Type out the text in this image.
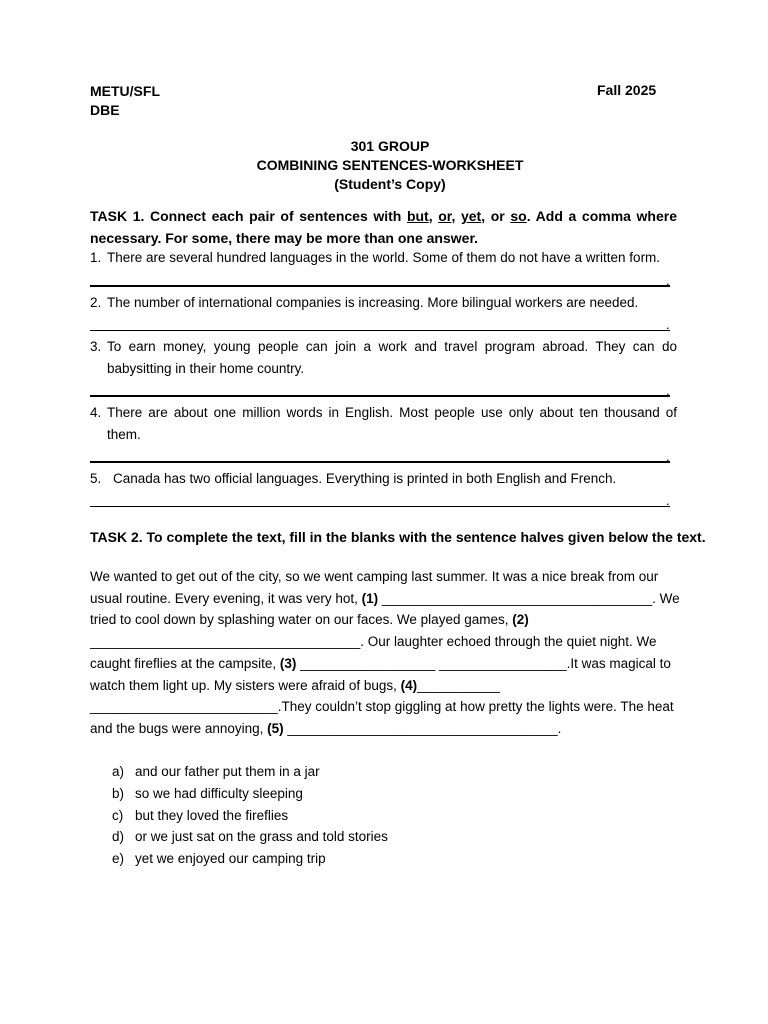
METU/SFL
DBE
Fall 2025
301 GROUP
COMBINING SENTENCES-WORKSHEET
(Student’s Copy)
TASK 1. Connect each pair of sentences with but, or, yet, or so. Add a comma where necessary. For some, there may be more than one answer.
1. There are several hundred languages in the world. Some of them do not have a written form.
.
2. The number of international companies is increasing. More bilingual workers are needed.
.
3. To earn money, young people can join a work and travel program abroad. They can do babysitting in their home country.
.
4. There are about one million words in English. Most people use only about ten thousand of them.
.
5. Canada has two official languages. Everything is printed in both English and French.
.
TASK 2. To complete the text, fill in the blanks with the sentence halves given below the text.
We wanted to get out of the city, so we went camping last summer. It was a nice break from our usual routine. Every evening, it was very hot, (1) ____________________________________. We tried to cool down by splashing water on our faces. We played games, (2) ____________________________________. Our laughter echoed through the quiet night. We caught fireflies at the campsite, (3) __________________ _________________.It was magical to watch them light up. My sisters were afraid of bugs, (4)___________ _________________________.They couldn’t stop giggling at how pretty the lights were. The heat and the bugs were annoying, (5) ____________________________________.
a) and our father put them in a jar
b) so we had difficulty sleeping
c) but they loved the fireflies
d) or we just sat on the grass and told stories
e) yet we enjoyed our camping trip
